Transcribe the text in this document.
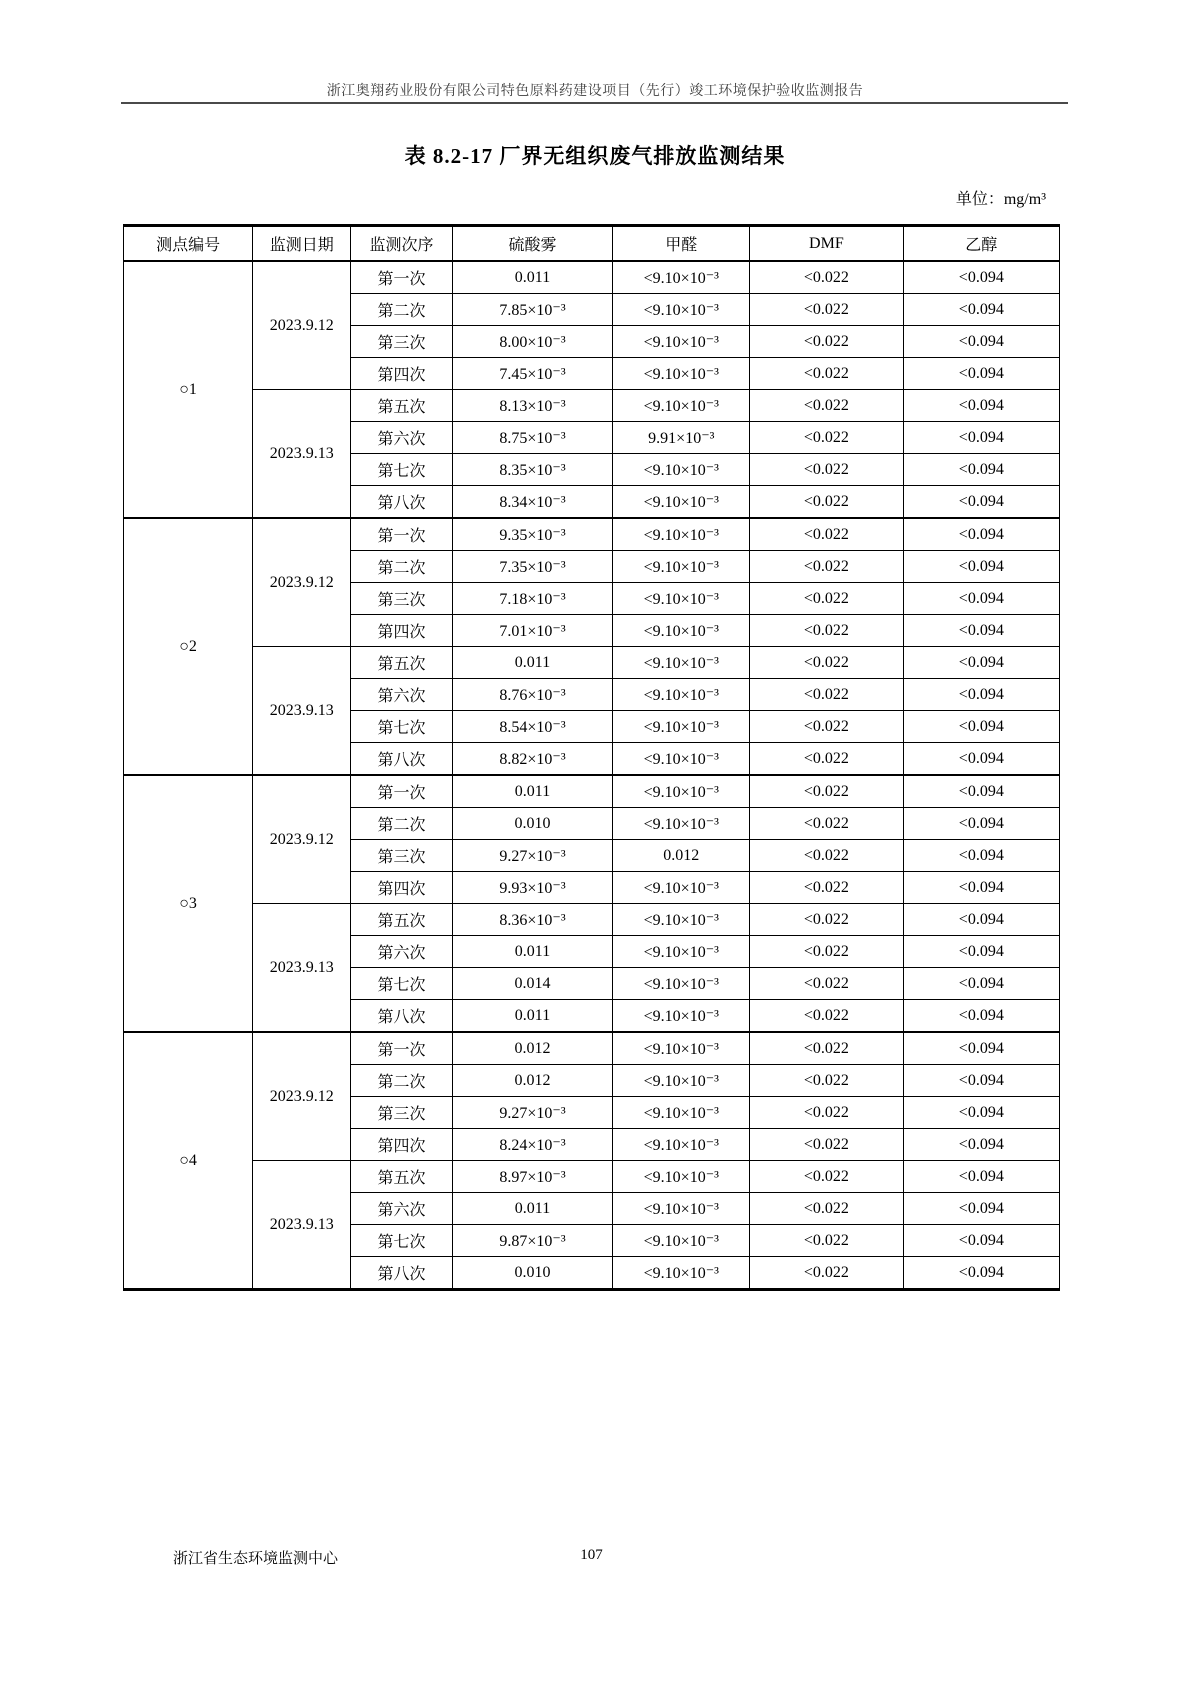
浙江奥翔药业股份有限公司特色原料药建设项目（先行）竣工环境保护验收监测报告
表 8.2-17 厂界无组织废气排放监测结果
单位：mg/m³
测点编号	监测日期	监测次序	硫酸雾	甲醛	DMF	乙醇
○1	2023.9.12	第一次	0.011	<9.10×10⁻³	<0.022	<0.094
		第二次	7.85×10⁻³	<9.10×10⁻³	<0.022	<0.094
		第三次	8.00×10⁻³	<9.10×10⁻³	<0.022	<0.094
		第四次	7.45×10⁻³	<9.10×10⁻³	<0.022	<0.094
	2023.9.13	第五次	8.13×10⁻³	<9.10×10⁻³	<0.022	<0.094
		第六次	8.75×10⁻³	9.91×10⁻³	<0.022	<0.094
		第七次	8.35×10⁻³	<9.10×10⁻³	<0.022	<0.094
		第八次	8.34×10⁻³	<9.10×10⁻³	<0.022	<0.094
○2	2023.9.12	第一次	9.35×10⁻³	<9.10×10⁻³	<0.022	<0.094
		第二次	7.35×10⁻³	<9.10×10⁻³	<0.022	<0.094
		第三次	7.18×10⁻³	<9.10×10⁻³	<0.022	<0.094
		第四次	7.01×10⁻³	<9.10×10⁻³	<0.022	<0.094
	2023.9.13	第五次	0.011	<9.10×10⁻³	<0.022	<0.094
		第六次	8.76×10⁻³	<9.10×10⁻³	<0.022	<0.094
		第七次	8.54×10⁻³	<9.10×10⁻³	<0.022	<0.094
		第八次	8.82×10⁻³	<9.10×10⁻³	<0.022	<0.094
○3	2023.9.12	第一次	0.011	<9.10×10⁻³	<0.022	<0.094
		第二次	0.010	<9.10×10⁻³	<0.022	<0.094
		第三次	9.27×10⁻³	0.012	<0.022	<0.094
		第四次	9.93×10⁻³	<9.10×10⁻³	<0.022	<0.094
	2023.9.13	第五次	8.36×10⁻³	<9.10×10⁻³	<0.022	<0.094
		第六次	0.011	<9.10×10⁻³	<0.022	<0.094
		第七次	0.014	<9.10×10⁻³	<0.022	<0.094
		第八次	0.011	<9.10×10⁻³	<0.022	<0.094
○4	2023.9.12	第一次	0.012	<9.10×10⁻³	<0.022	<0.094
		第二次	0.012	<9.10×10⁻³	<0.022	<0.094
		第三次	9.27×10⁻³	<9.10×10⁻³	<0.022	<0.094
		第四次	8.24×10⁻³	<9.10×10⁻³	<0.022	<0.094
	2023.9.13	第五次	8.97×10⁻³	<9.10×10⁻³	<0.022	<0.094
		第六次	0.011	<9.10×10⁻³	<0.022	<0.094
		第七次	9.87×10⁻³	<9.10×10⁻³	<0.022	<0.094
		第八次	0.010	<9.10×10⁻³	<0.022	<0.094
浙江省生态环境监测中心	107
